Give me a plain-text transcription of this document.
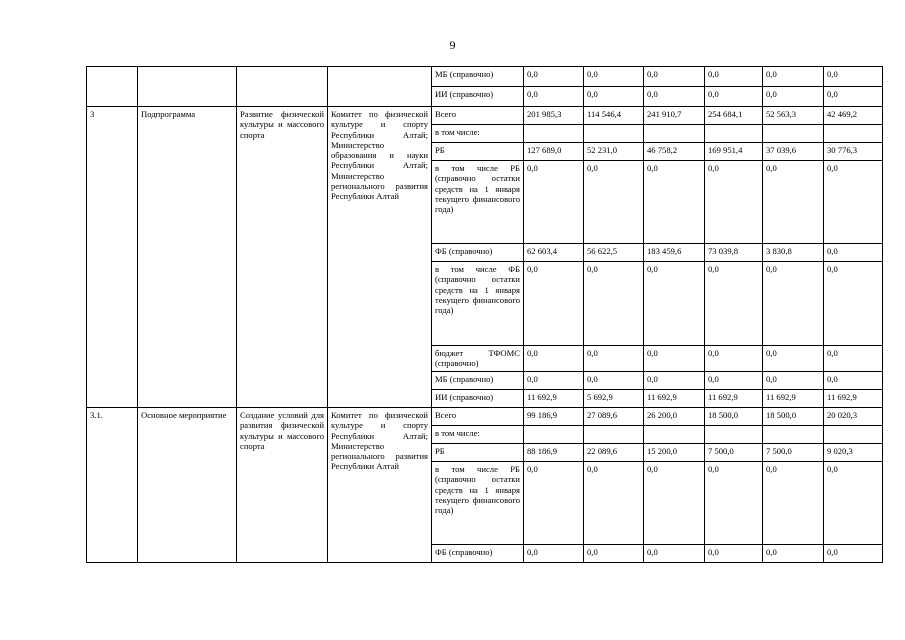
9
				МБ (справочно)	0,0	0,0	0,0	0,0	0,0	0,0
				ИИ (справочно)	0,0	0,0	0,0	0,0	0,0	0,0
3	Подпрограмма	Развитие физической культуры и массового спорта	Комитет по физической культуре и спорту Республики Алтай; Министерство образования и науки Республики Алтай; Министерство регионального развития Республики Алтай	Всего	201 985,3	114 546,4	241 910,7	254 684,1	52 563,3	42 469,2
				в том числе:						
				РБ	127 689,0	52 231,0	46 758,2	169 951,4	37 039,6	30 776,3
				в том числе РБ (справочно остатки средств на 1 января текущего финансового года)	0,0	0,0	0,0	0,0	0,0	0,0
				ФБ (справочно)	62 603,4	56 622,5	183 459,6	73 039,8	3 830,8	0,0
				в том числе ФБ (справочно остатки средств на 1 января текущего финансового года)	0,0	0,0	0,0	0,0	0,0	0,0
				бюджет ТФОМС (справочно)	0,0	0,0	0,0	0,0	0,0	0,0
				МБ (справочно)	0,0	0,0	0,0	0,0	0,0	0,0
				ИИ (справочно)	11 692,9	5 692,9	11 692,9	11 692,9	11 692,9	11 692,9
3.1.	Основное мероприятие	Создание условий для развития физической культуры и массового спорта	Комитет по физической культуре и спорту Республики Алтай; Министерство регионального развития Республики Алтай	Всего	99 186,9	27 089,6	26 200,0	18 500,0	18 500,0	20 020,3
				в том числе:						
				РБ	88 186,9	22 089,6	15 200,0	7 500,0	7 500,0	9 020,3
				в том числе РБ (справочно остатки средств на 1 января текущего финансового года)	0,0	0,0	0,0	0,0	0,0	0,0
				ФБ (справочно)	0,0	0,0	0,0	0,0	0,0	0,0
